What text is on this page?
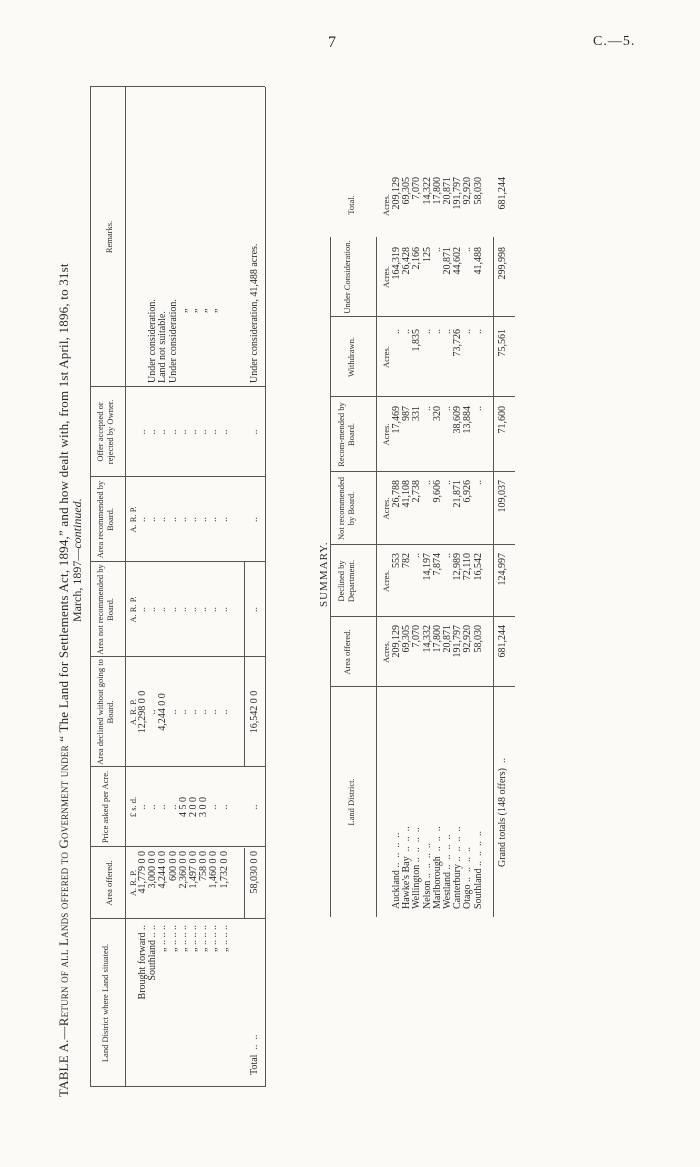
7	C.—5.
TABLE A.—Return of all Lands offered to Government under “ The Land for Settlements Act, 1894,” and how dealt with, from 1st April, 1896, to 31st March, 1897—continued.
Land District where Land situated.
Area offered.
Price asked per Acre.
Area declined without going to Board.
Area not recommended by Board.
Area recommended by Board.
Offer accepted or rejected by Owner.
Remarks.
A. R. P.
£ s. d.
A. R. P.
A. R. P.
A. R. P.
Brought forward ..
Southland .. ..
„ .. .. ..
„ .. .. ..
„ .. .. ..
„ .. .. ..
„ .. .. ..
„ .. .. ..
„ .. .. ..
41,779 0 0 3,000 0 0 4,244 0 0 600 0 0 2,360 0 0 1,497 0 0 758 0 0 1,460 0 0 1,732 0 0
.. .. .. .. 4 5 0 2 0 0 3 0 0 .. ..
12,298 0 0 .. 4,244 0 0 .. .. .. .. .. ..
.. .. .. .. .. .. .. .. ..
.. .. .. .. .. .. .. .. ..
.. .. .. .. .. .. .. .. ..
Under consideration. Land not suitable. Under consideration. „ „ „ „
Total  ..  ..
58,030 0 0
..
16,542 0 0
..
..
..
Under consideration, 41,488 acres.
SUMMARY.
Land District.
Area offered.
Declined by Department.
Not recommended by Board.
Recom-mended by Board.
Withdrawn.
Under Consideration.
Total.
Acres.
Acres.
Acres.
Acres.
Acres.
Acres.
Acres.
Auckland ..  ..  ..  ..
Hawke's Bay  ..  ..  ..
Wellington ..  ..  ..  ..
Nelson ..  ..  ..  .. Marlborough  ..  ..  ..
Westland ..  ..  ..  ..
Canterbury ..  ..  ..  ..
Otago ..  ..  ..  .. Southland ..  ..  ..  ..
209,129 69,305 7,070 14,332 17,800 20,871 191,797 92,920 58,030
553 782 .. 14,197 7,874 .. 12,989 72,110 16,542
26,788 41,108 2,738 .. 9,606 .. 21,871 6,926 ..
17,469 987 331 .. 320 .. 38,609 13,884 ..
.. .. 1,835 .. .. .. 73,726 .. ..
164,319 26,428 2,166 125 .. 20,871 44,602 .. 41,488
209,129 69,305 7,070 14,322 17,800 20,871 191,797 92,920 58,030
Grand totals (148 offers)  ..
681,244
124,997
109,037
71,600
75,561
299,998
681,244
